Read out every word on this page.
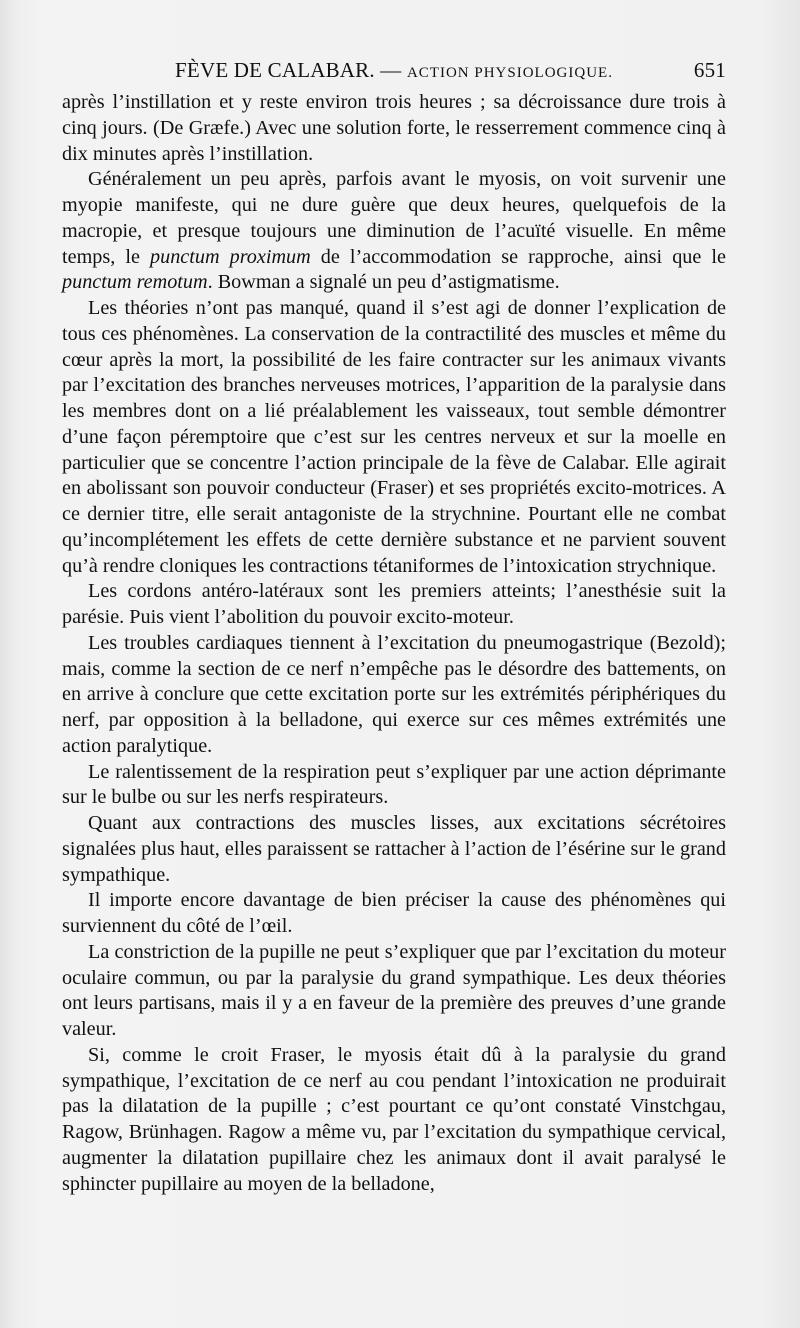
FÈVE DE CALABAR. — ACTION PHYSIOLOGIQUE.	651

après l’instillation et y reste environ trois heures ; sa décroissance dure trois à cinq jours. (De Græfe.) Avec une solution forte, le resserrement commence cinq à dix minutes après l’instillation.

Généralement un peu après, parfois avant le myosis, on voit survenir une myopie manifeste, qui ne dure guère que deux heures, quelquefois de la macropie, et presque toujours une diminution de l’acuïté visuelle. En même temps, le punctum proximum de l’accommodation se rapproche, ainsi que le punctum remotum. Bowman a signalé un peu d’astigmatisme.

Les théories n’ont pas manqué, quand il s’est agi de donner l’explication de tous ces phénomènes. La conservation de la contractilité des muscles et même du cœur après la mort, la possibilité de les faire contracter sur les animaux vivants par l’excitation des branches nerveuses motrices, l’apparition de la paralysie dans les membres dont on a lié préalablement les vaisseaux, tout semble démontrer d’une façon péremptoire que c’est sur les centres nerveux et sur la moelle en particulier que se concentre l’action principale de la fève de Calabar. Elle agirait en abolissant son pouvoir conducteur (Fraser) et ses propriétés excito-motrices. A ce dernier titre, elle serait antagoniste de la strychnine. Pourtant elle ne combat qu’incomplétement les effets de cette dernière substance et ne parvient souvent qu’à rendre cloniques les contractions tétaniformes de l’intoxication strychnique.

Les cordons antéro-latéraux sont les premiers atteints; l’anesthésie suit la parésie. Puis vient l’abolition du pouvoir excito-moteur.

Les troubles cardiaques tiennent à l’excitation du pneumogastrique (Bezold); mais, comme la section de ce nerf n’empêche pas le désordre des battements, on en arrive à conclure que cette excitation porte sur les extrémités périphériques du nerf, par opposition à la belladone, qui exerce sur ces mêmes extrémités une action paralytique.

Le ralentissement de la respiration peut s’expliquer par une action déprimante sur le bulbe ou sur les nerfs respirateurs.

Quant aux contractions des muscles lisses, aux excitations sécrétoires signalées plus haut, elles paraissent se rattacher à l’action de l’ésérine sur le grand sympathique.

Il importe encore davantage de bien préciser la cause des phénomènes qui surviennent du côté de l’œil.

La constriction de la pupille ne peut s’expliquer que par l’excitation du moteur oculaire commun, ou par la paralysie du grand sympathique. Les deux théories ont leurs partisans, mais il y a en faveur de la première des preuves d’une grande valeur.

Si, comme le croit Fraser, le myosis était dû à la paralysie du grand sympathique, l’excitation de ce nerf au cou pendant l’intoxication ne produirait pas la dilatation de la pupille ; c’est pourtant ce qu’ont constaté Vinstchgau, Ragow, Brünhagen. Ragow a même vu, par l’excitation du sympathique cervical, augmenter la dilatation pupillaire chez les animaux dont il avait paralysé le sphincter pupillaire au moyen de la belladone,
